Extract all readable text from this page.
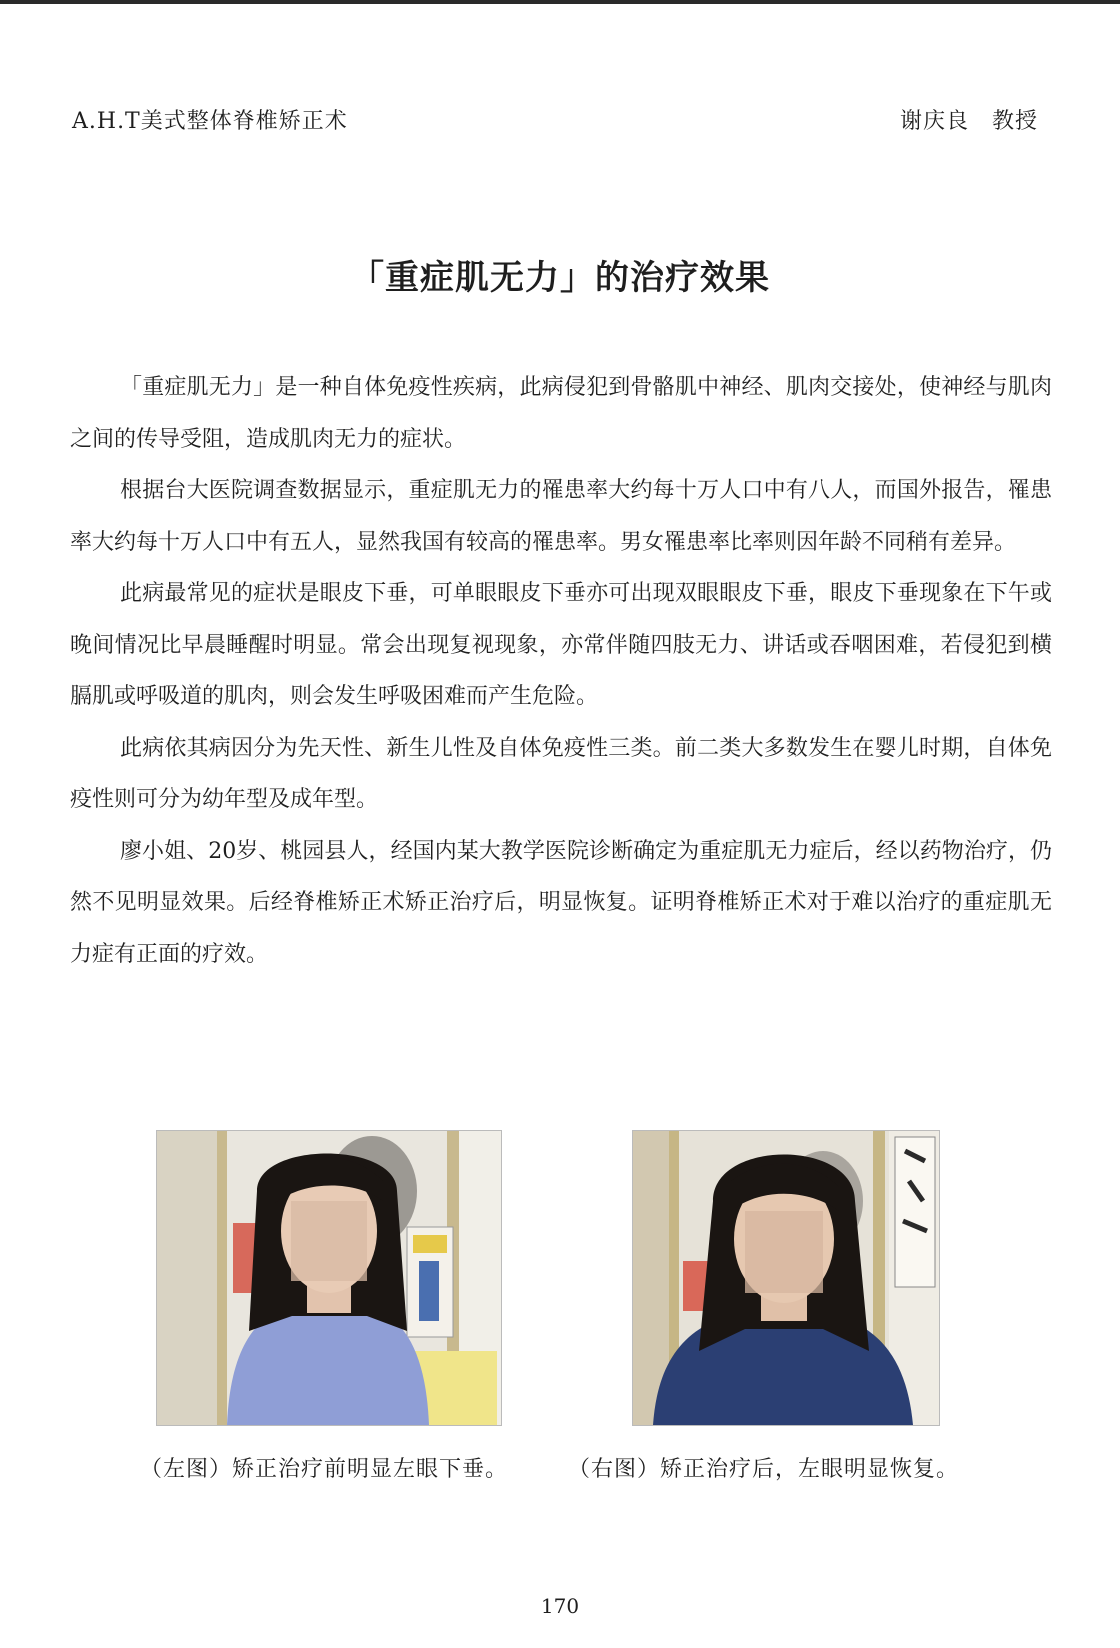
A.H.T美式整体脊椎矫正术	谢庆良　教授
「重症肌无力」的治疗效果

「重症肌无力」是一种自体免疫性疾病，此病侵犯到骨骼肌中神经、肌肉交接处，使神经与肌肉之间的传导受阻，造成肌肉无力的症状。

根据台大医院调查数据显示，重症肌无力的罹患率大约每十万人口中有八人，而国外报告，罹患率大约每十万人口中有五人，显然我国有较高的罹患率。男女罹患率比率则因年龄不同稍有差异。

此病最常见的症状是眼皮下垂，可单眼眼皮下垂亦可出现双眼眼皮下垂，眼皮下垂现象在下午或晚间情况比早晨睡醒时明显。常会出现复视现象，亦常伴随四肢无力、讲话或吞咽困难，若侵犯到横膈肌或呼吸道的肌肉，则会发生呼吸困难而产生危险。

此病依其病因分为先天性、新生儿性及自体免疫性三类。前二类大多数发生在婴儿时期，自体免疫性则可分为幼年型及成年型。

廖小姐、20岁、桃园县人，经国内某大教学医院诊断确定为重症肌无力症后，经以药物治疗，仍然不见明显效果。后经脊椎矫正术矫正治疗后，明显恢复。证明脊椎矫正术对于难以治疗的重症肌无力症有正面的疗效。

（左图）矫正治疗前明显左眼下垂。	（右图）矫正治疗后，左眼明显恢复。
170
